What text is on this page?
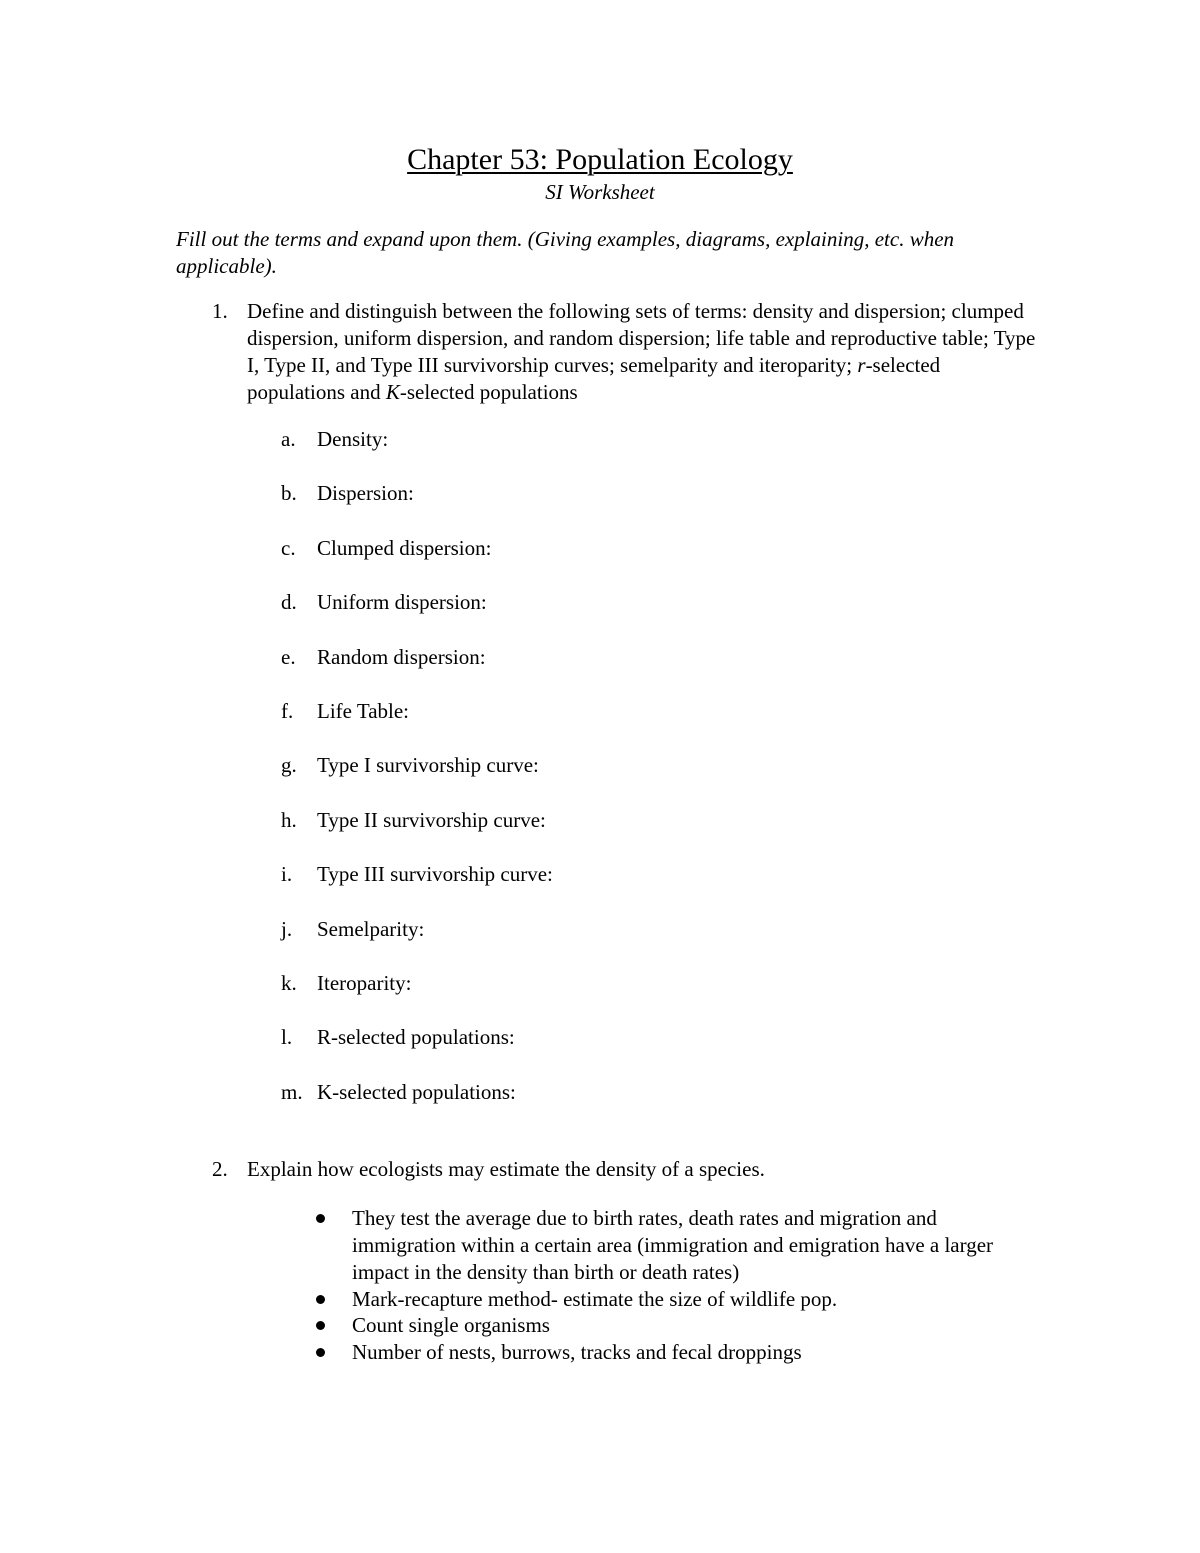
Chapter 53: Population Ecology
SI Worksheet
Fill out the terms and expand upon them. (Giving examples, diagrams, explaining, etc. when applicable).
1. Define and distinguish between the following sets of terms: density and dispersion; clumped dispersion, uniform dispersion, and random dispersion; life table and reproductive table; Type I, Type II, and Type III survivorship curves; semelparity and iteroparity; r-selected populations and K-selected populations
a. Density:
b. Dispersion:
c. Clumped dispersion:
d. Uniform dispersion:
e. Random dispersion:
f. Life Table:
g. Type I survivorship curve:
h. Type II survivorship curve:
i. Type III survivorship curve:
j. Semelparity:
k. Iteroparity:
l. R-selected populations:
m. K-selected populations:
2. Explain how ecologists may estimate the density of a species.
They test the average due to birth rates, death rates and migration and immigration within a certain area (immigration and emigration have a larger impact in the density than birth or death rates)
Mark-recapture method- estimate the size of wildlife pop.
Count single organisms
Number of nests, burrows, tracks and fecal droppings
